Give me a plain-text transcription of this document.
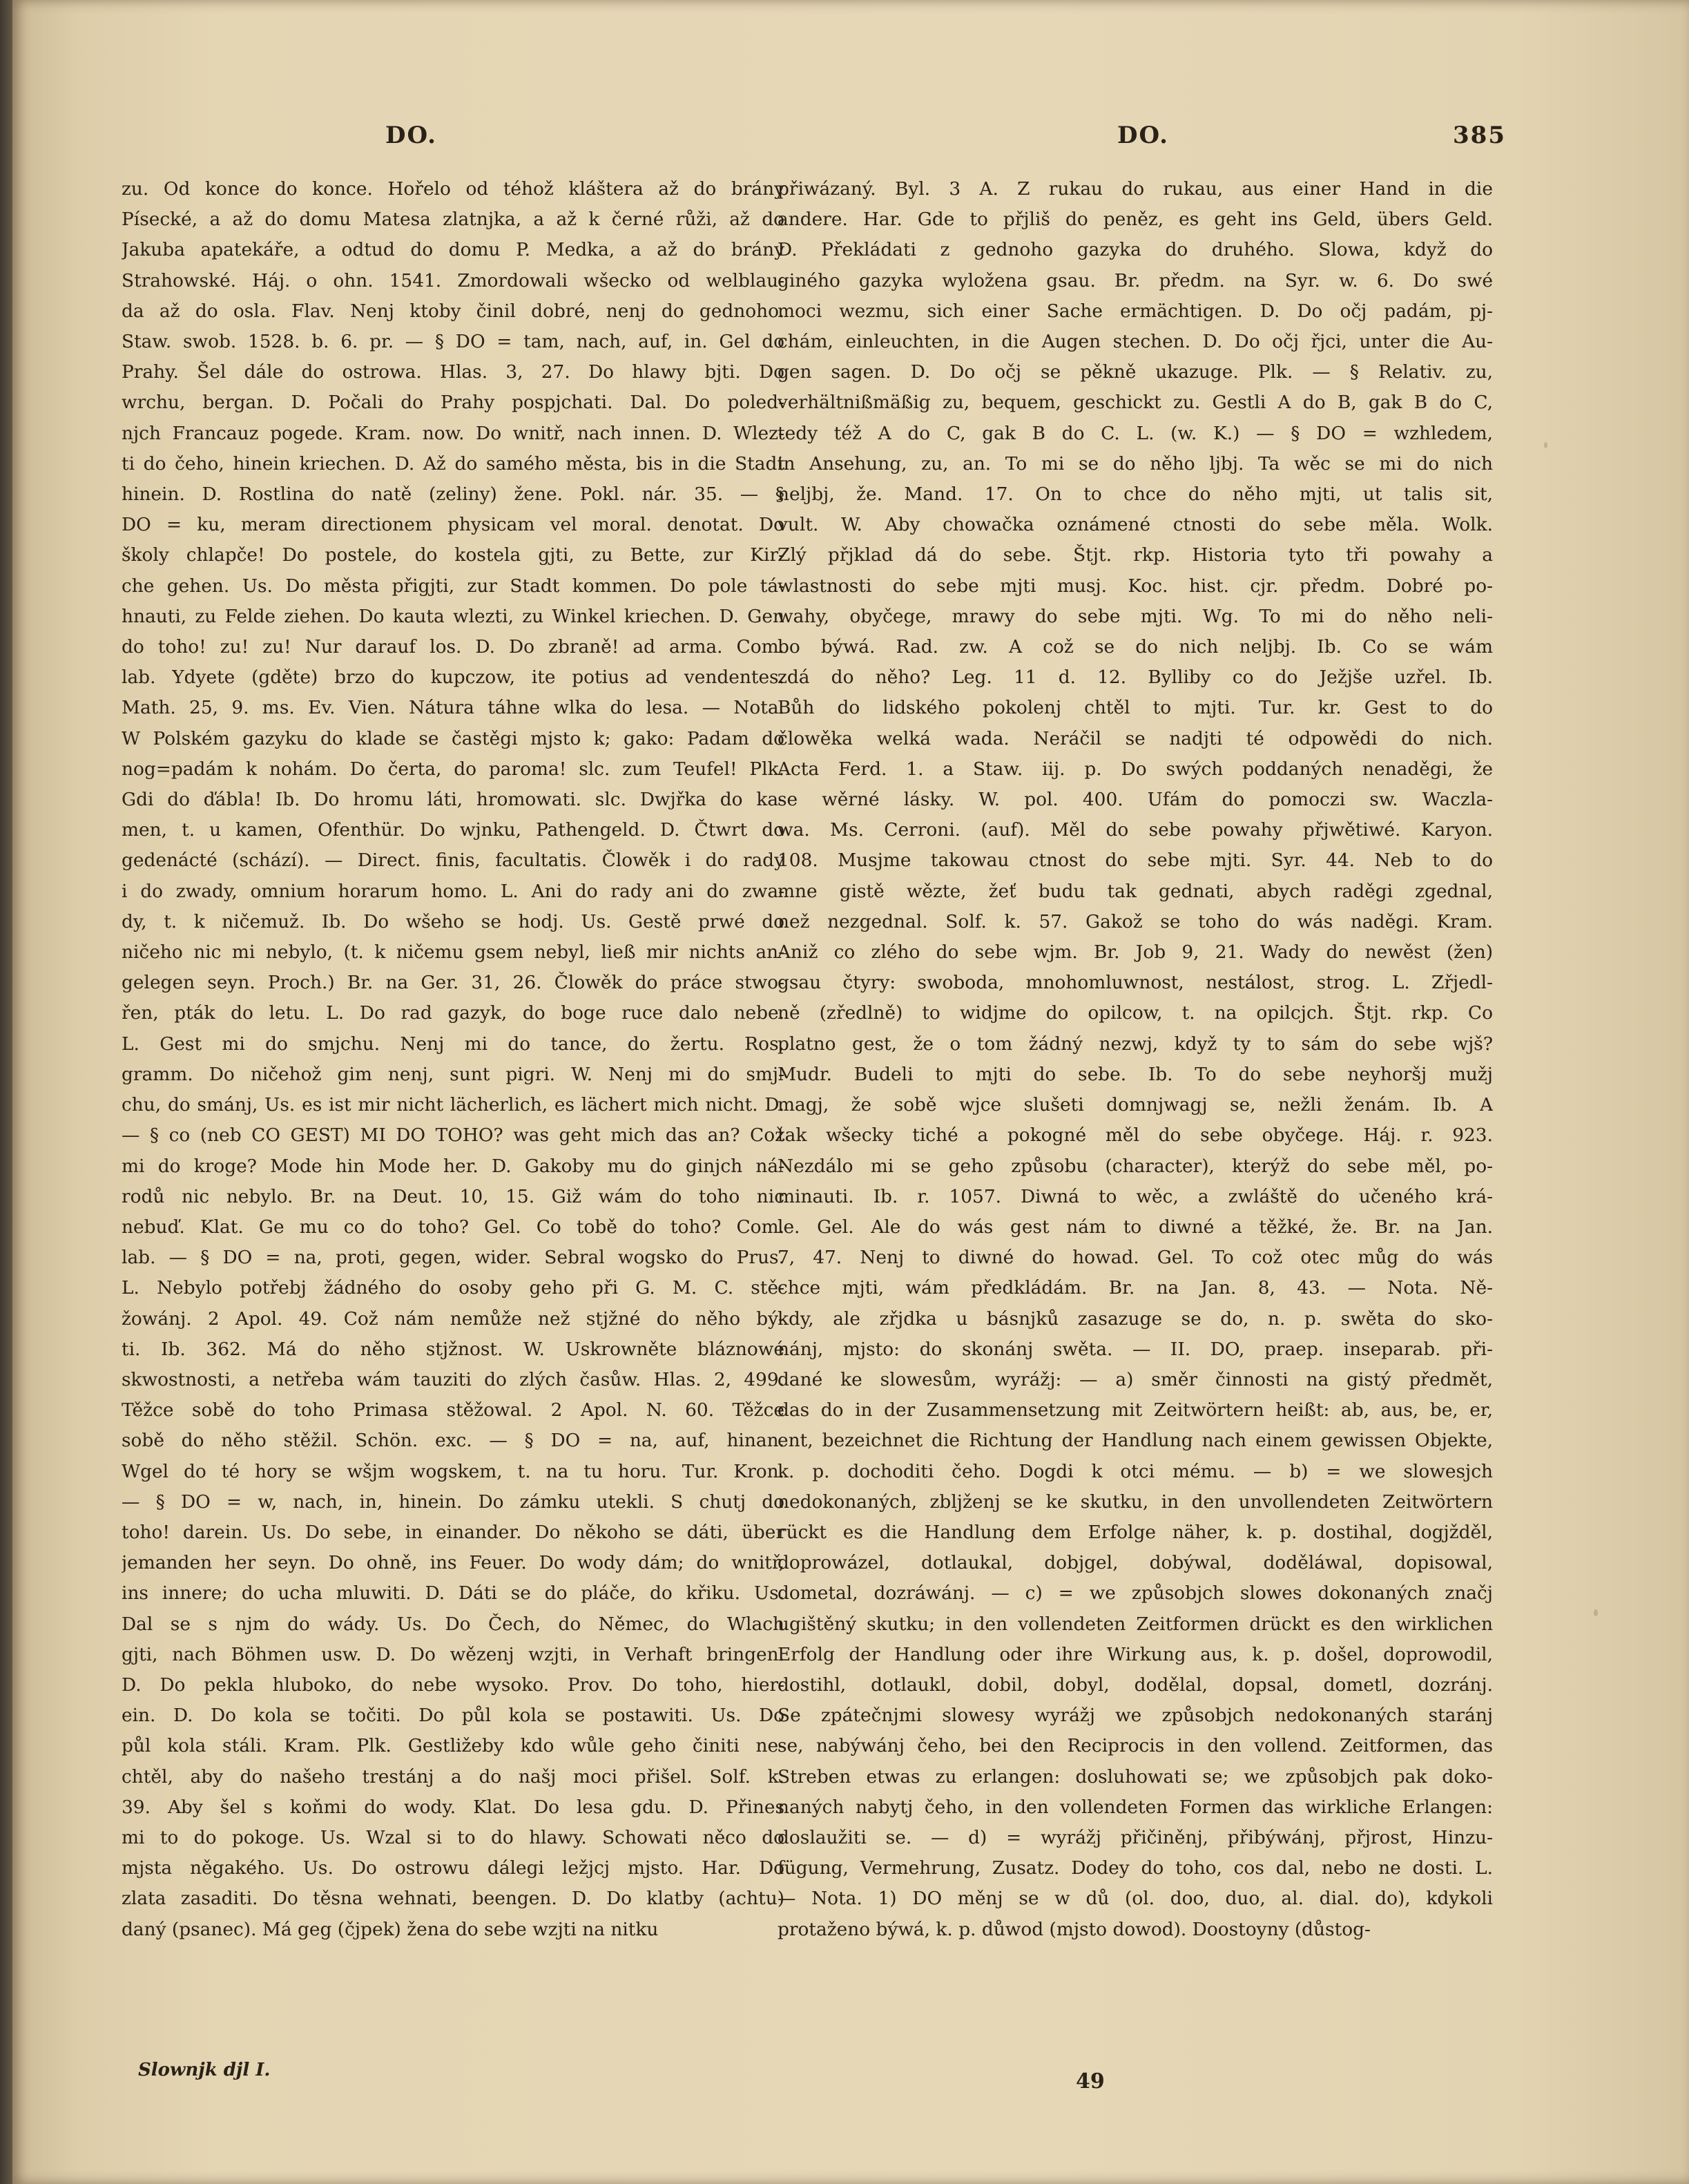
DO.	DO.	385
zu. Od konce do konce. Hořelo od téhož kláštera až do brány
Písecké, a až do domu Matesa zlatnjka, a až k černé růži, až do
Jakuba apatekáře, a odtud do domu P. Medka, a až do brány
Strahowské. Háj. o ohn. 1541. Zmordowali wšecko od welblau-
da až do osla. Flav. Nenj ktoby činil dobré, nenj do gednoho.
Staw. swob. 1528. b. 6. pr. — § DO = tam, nach, auf, in. Gel do
Prahy. Šel dále do ostrowa. Hlas. 3, 27. Do hlawy bjti. Do
wrchu, bergan. D. Počali do Prahy pospjchati. Dal. Do poled-
njch Francauz pogede. Kram. now. Do wnitř, nach innen. D. Wlez-
ti do čeho, hinein kriechen. D. Až do samého města, bis in die Stadt
hinein. D. Rostlina do natě (zeliny) žene. Pokl. nár. 35. — §
DO = ku, meram directionem physicam vel moral. denotat. Do
školy chlapče! Do postele, do kostela gjti, zu Bette, zur Kir-
che gehen. Us. Do města přigjti, zur Stadt kommen. Do pole tá-
hnauti, zu Felde ziehen. Do kauta wlezti, zu Winkel kriechen. D. Gen
do toho! zu! zu! Nur darauf los. D. Do zbraně! ad arma. Com.
lab. Ydyete (gděte) brzo do kupczow, ite potius ad vendentes.
Math. 25, 9. ms. Ev. Vien. Nátura táhne wlka do lesa. — Nota.
W Polském gazyku do klade se častěgi mjsto k; gako: Padam do
nog=padám k nohám. Do čerta, do paroma! slc. zum Teufel! Plk.
Gdi do ďábla! Ib. Do hromu láti, hromowati. slc. Dwjřka do ka-
men, t. u kamen, Ofenthür. Do wjnku, Pathengeld. D. Čtwrt do
gedenácté (schází). — Direct. finis, facultatis. Člowěk i do rady
i do zwady, omnium horarum homo. L. Ani do rady ani do zwa-
dy, t. k ničemuž. Ib. Do wšeho se hodj. Us. Gestě prwé do
ničeho nic mi nebylo, (t. k ničemu gsem nebyl, ließ mir nichts an-
gelegen seyn. Proch.) Br. na Ger. 31, 26. Člowěk do práce stwo-
řen, pták do letu. L. Do rad gazyk, do boge ruce dalo nebe.
L. Gest mi do smjchu. Nenj mi do tance, do žertu. Ros.
gramm. Do ničehož gim nenj, sunt pigri. W. Nenj mi do smj-
chu, do smánj, Us. es ist mir nicht lächerlich, es lächert mich nicht. D.
— § co (neb CO GEST) MI DO TOHO? was geht mich das an? Což
mi do kroge? Mode hin Mode her. D. Gakoby mu do ginjch ná-
rodů nic nebylo. Br. na Deut. 10, 15. Giž wám do toho nic
nebuď. Klat. Ge mu co do toho? Gel. Co tobě do toho? Com.
lab. — § DO = na, proti, gegen, wider. Sebral wogsko do Prus.
L. Nebylo potřebj žádného do osoby geho při G. M. C. stě-
žowánj. 2 Apol. 49. Což nám nemůže než stjžné do něho bý-
ti. Ib. 362. Má do něho stjžnost. W. Uskrowněte bláznowé
skwostnosti, a netřeba wám tauziti do zlých časůw. Hlas. 2, 499.
Těžce sobě do toho Primasa stěžowal. 2 Apol. N. 60. Těžce
sobě do něho stěžil. Schön. exc. — § DO = na, auf, hinan.
Wgel do té hory se wšjm wogskem, t. na tu horu. Tur. Kron.
— § DO = w, nach, in, hinein. Do zámku utekli. S chutj do
toho! darein. Us. Do sebe, in einander. Do někoho se dáti, über
jemanden her seyn. Do ohně, ins Feuer. Do wody dám; do wnitř,
ins innere; do ucha mluwiti. D. Dáti se do pláče, do křiku. Us.
Dal se s njm do wády. Us. Do Čech, do Němec, do Wlach
gjti, nach Böhmen usw. D. Do wězenj wzjti, in Verhaft bringen.
D. Do pekla hluboko, do nebe wysoko. Prov. Do toho, hier-
ein. D. Do kola se točiti. Do půl kola se postawiti. Us. Do
půl kola stáli. Kram. Plk. Gestližeby kdo wůle geho činiti ne-
chtěl, aby do našeho trestánj a do našj moci přišel. Solf. k.
39. Aby šel s koňmi do wody. Klat. Do lesa gdu. D. Přines
mi to do pokoge. Us. Wzal si to do hlawy. Schowati něco do
mjsta něgakého. Us. Do ostrowu dálegi ležjcj mjsto. Har. Do
zlata zasaditi. Do těsna wehnati, beengen. D. Do klatby (achtu)
daný (psanec). Má geg (čjpek) žena do sebe wzjti na nitku
přiwázaný. Byl. 3 A. Z rukau do rukau, aus einer Hand in die
andere. Har. Gde to přjliš do peněz, es geht ins Geld, übers Geld.
D. Překládati z gednoho gazyka do druhého. Slowa, když do
giného gazyka wyložena gsau. Br. předm. na Syr. w. 6. Do swé
moci wezmu, sich einer Sache ermächtigen. D. Do očj padám, pj-
chám, einleuchten, in die Augen stechen. D. Do očj řjci, unter die Au-
gen sagen. D. Do očj se pěkně ukazuge. Plk. — § Relativ. zu,
verhältnißmäßig zu, bequem, geschickt zu. Gestli A do B, gak B do C,
tedy též A do C, gak B do C. L. (w. K.) — § DO = wzhledem,
in Ansehung, zu, an. To mi se do něho ljbj. Ta wěc se mi do nich
neljbj, že. Mand. 17. On to chce do něho mjti, ut talis sit,
vult. W. Aby chowačka oznámené ctnosti do sebe měla. Wolk.
Zlý přjklad dá do sebe. Štjt. rkp. Historia tyto tři powahy a
wlastnosti do sebe mjti musj. Koc. hist. cjr. předm. Dobré po-
wahy, obyčege, mrawy do sebe mjti. Wg. To mi do něho neli-
bo býwá. Rad. zw. A což se do nich neljbj. Ib. Co se wám
zdá do něho? Leg. 11 d. 12. Bylliby co do Ježjše uzřel. Ib.
Bůh do lidského pokolenj chtěl to mjti. Tur. kr. Gest to do
člowěka welká wada. Neráčil se nadjti té odpowědi do nich.
Acta Ferd. 1. a Staw. iij. p. Do swých poddaných nenaděgi, že
se wěrné lásky. W. pol. 400. Ufám do pomoczi sw. Waczla-
wa. Ms. Cerroni. (auf). Měl do sebe powahy přjwětiwé. Karyon.
108. Musjme takowau ctnost do sebe mjti. Syr. 44. Neb to do
mne gistě wězte, žeť budu tak gednati, abych raděgi zgednal,
než nezgednal. Solf. k. 57. Gakož se toho do wás naděgi. Kram.
Aniž co zlého do sebe wjm. Br. Job 9, 21. Wady do newěst (žen)
gsau čtyry: swoboda, mnohomluwnost, nestálost, strog. L. Zřjedl-
ně (zředlně) to widjme do opilcow, t. na opilcjch. Štjt. rkp. Co
platno gest, že o tom žádný nezwj, když ty to sám do sebe wjš?
Mudr. Budeli to mjti do sebe. Ib. To do sebe neyhoršj mužj
magj, že sobě wjce slušeti domnjwagj se, nežli ženám. Ib. A
tak wšecky tiché a pokogné měl do sebe obyčege. Háj. r. 923.
Nezdálo mi se geho způsobu (character), kterýž do sebe měl, po-
minauti. Ib. r. 1057. Diwná to wěc, a zwláště do učeného krá-
le. Gel. Ale do wás gest nám to diwné a těžké, že. Br. na Jan.
7, 47. Nenj to diwné do howad. Gel. To což otec můg do wás
chce mjti, wám předkládám. Br. na Jan. 8, 43. — Nota. Ně-
kdy, ale zřjdka u básnjků zasazuge se do, n. p. swěta do sko-
nánj, mjsto: do skonánj swěta. — II. DO, praep. inseparab. při-
dané ke slowesům, wyrážj: — a) směr činnosti na gistý předmět,
das do in der Zusammensetzung mit Zeitwörtern heißt: ab, aus, be, er,
ent, bezeichnet die Richtung der Handlung nach einem gewissen Objekte,
k. p. dochoditi čeho. Dogdi k otci mému. — b) = we slowesjch
nedokonaných, zbljženj se ke skutku, in den unvollendeten Zeitwörtern
rückt es die Handlung dem Erfolge näher, k. p. dostihal, dogjžděl,
doprowázel, dotlaukal, dobjgel, dobýwal, doděláwal, dopisowal,
dometal, dozráwánj. — c) = we způsobjch slowes dokonaných značj
ugištěný skutku; in den vollendeten Zeitformen drückt es den wirklichen
Erfolg der Handlung oder ihre Wirkung aus, k. p. došel, doprowodil,
dostihl, dotlaukl, dobil, dobyl, dodělal, dopsal, dometl, dozránj.
Se zpátečnjmi slowesy wyrážj we způsobjch nedokonaných staránj
se, nabýwánj čeho, bei den Reciprocis in den vollend. Zeitformen, das
Streben etwas zu erlangen: dosluhowati se; we způsobjch pak doko-
naných nabytj čeho, in den vollendeten Formen das wirkliche Erlangen:
doslaužiti se. — d) = wyrážj přičiněnj, přibýwánj, přjrost, Hinzu-
fügung, Vermehrung, Zusatz. Dodey do toho, cos dal, nebo ne dosti. L.
— Nota. 1) DO měnj se w dů (ol. doo, duo, al. dial. do), kdykoli
protaženo býwá, k. p. důwod (mjsto dowod). Doostoyny (důstog-
Slownjk djl I.	49
